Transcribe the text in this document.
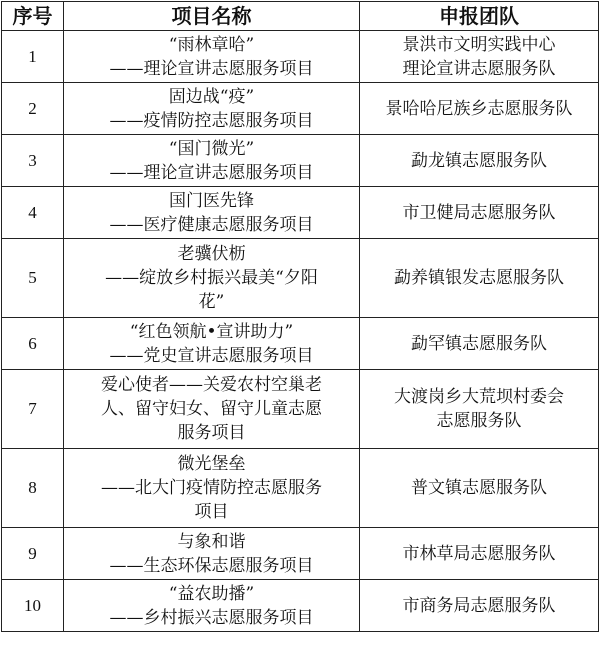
序号	项目名称	申报团队
1	“雨林章哈”
——理论宣讲志愿服务项目	景洪市文明实践中心
理论宣讲志愿服务队

2	固边战“疫”
——疫情防控志愿服务项目	景哈哈尼族乡志愿服务队

3	“国门微光”
——理论宣讲志愿服务项目	勐龙镇志愿服务队

4	国门医先锋
——医疗健康志愿服务项目	市卫健局志愿服务队

5	老骥伏枥
——绽放乡村振兴最美“夕阳
花”	勐养镇银发志愿服务队

6	“红色领航•宣讲助力”
——党史宣讲志愿服务项目	勐罕镇志愿服务队

7	爱心使者——关爱农村空巢老
人、留守妇女、留守儿童志愿
服务项目	大渡岗乡大荒坝村委会
志愿服务队

8	微光堡垒
——北大门疫情防控志愿服务
项目	普文镇志愿服务队

9	与象和谐
——生态环保志愿服务项目	市林草局志愿服务队

10	“益农助播”
——乡村振兴志愿服务项目	市商务局志愿服务队
